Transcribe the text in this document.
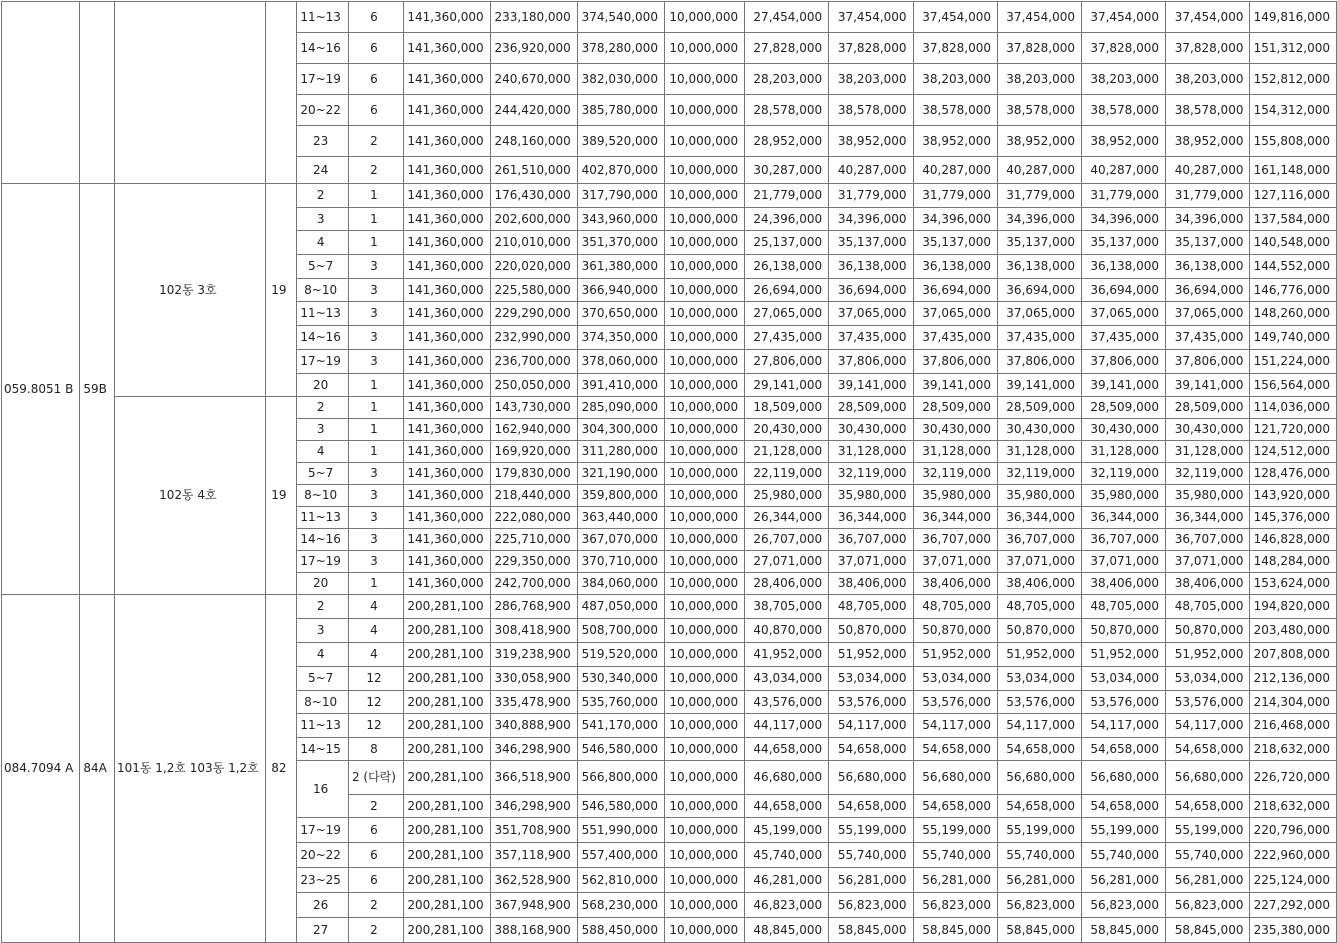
				11~13	6	141,360,000	233,180,000	374,540,000	10,000,000	27,454,000	37,454,000	37,454,000	37,454,000	37,454,000	37,454,000	149,816,000
				14~16	6	141,360,000	236,920,000	378,280,000	10,000,000	27,828,000	37,828,000	37,828,000	37,828,000	37,828,000	37,828,000	151,312,000
				17~19	6	141,360,000	240,670,000	382,030,000	10,000,000	28,203,000	38,203,000	38,203,000	38,203,000	38,203,000	38,203,000	152,812,000
				20~22	6	141,360,000	244,420,000	385,780,000	10,000,000	28,578,000	38,578,000	38,578,000	38,578,000	38,578,000	38,578,000	154,312,000
				23	2	141,360,000	248,160,000	389,520,000	10,000,000	28,952,000	38,952,000	38,952,000	38,952,000	38,952,000	38,952,000	155,808,000
				24	2	141,360,000	261,510,000	402,870,000	10,000,000	30,287,000	40,287,000	40,287,000	40,287,000	40,287,000	40,287,000	161,148,000
059.8051 B	59B	102동 3호	19	2	1	141,360,000	176,430,000	317,790,000	10,000,000	21,779,000	31,779,000	31,779,000	31,779,000	31,779,000	31,779,000	127,116,000
				3	1	141,360,000	202,600,000	343,960,000	10,000,000	24,396,000	34,396,000	34,396,000	34,396,000	34,396,000	34,396,000	137,584,000
				4	1	141,360,000	210,010,000	351,370,000	10,000,000	25,137,000	35,137,000	35,137,000	35,137,000	35,137,000	35,137,000	140,548,000
				5~7	3	141,360,000	220,020,000	361,380,000	10,000,000	26,138,000	36,138,000	36,138,000	36,138,000	36,138,000	36,138,000	144,552,000
				8~10	3	141,360,000	225,580,000	366,940,000	10,000,000	26,694,000	36,694,000	36,694,000	36,694,000	36,694,000	36,694,000	146,776,000
				11~13	3	141,360,000	229,290,000	370,650,000	10,000,000	27,065,000	37,065,000	37,065,000	37,065,000	37,065,000	37,065,000	148,260,000
				14~16	3	141,360,000	232,990,000	374,350,000	10,000,000	27,435,000	37,435,000	37,435,000	37,435,000	37,435,000	37,435,000	149,740,000
				17~19	3	141,360,000	236,700,000	378,060,000	10,000,000	27,806,000	37,806,000	37,806,000	37,806,000	37,806,000	37,806,000	151,224,000
				20	1	141,360,000	250,050,000	391,410,000	10,000,000	29,141,000	39,141,000	39,141,000	39,141,000	39,141,000	39,141,000	156,564,000
		102동 4호	19	2	1	141,360,000	143,730,000	285,090,000	10,000,000	18,509,000	28,509,000	28,509,000	28,509,000	28,509,000	28,509,000	114,036,000
				3	1	141,360,000	162,940,000	304,300,000	10,000,000	20,430,000	30,430,000	30,430,000	30,430,000	30,430,000	30,430,000	121,720,000
				4	1	141,360,000	169,920,000	311,280,000	10,000,000	21,128,000	31,128,000	31,128,000	31,128,000	31,128,000	31,128,000	124,512,000
				5~7	3	141,360,000	179,830,000	321,190,000	10,000,000	22,119,000	32,119,000	32,119,000	32,119,000	32,119,000	32,119,000	128,476,000
				8~10	3	141,360,000	218,440,000	359,800,000	10,000,000	25,980,000	35,980,000	35,980,000	35,980,000	35,980,000	35,980,000	143,920,000
				11~13	3	141,360,000	222,080,000	363,440,000	10,000,000	26,344,000	36,344,000	36,344,000	36,344,000	36,344,000	36,344,000	145,376,000
				14~16	3	141,360,000	225,710,000	367,070,000	10,000,000	26,707,000	36,707,000	36,707,000	36,707,000	36,707,000	36,707,000	146,828,000
				17~19	3	141,360,000	229,350,000	370,710,000	10,000,000	27,071,000	37,071,000	37,071,000	37,071,000	37,071,000	37,071,000	148,284,000
				20	1	141,360,000	242,700,000	384,060,000	10,000,000	28,406,000	38,406,000	38,406,000	38,406,000	38,406,000	38,406,000	153,624,000
084.7094 A	84A	101동 1,2호 103동 1,2호	82	2	4	200,281,100	286,768,900	487,050,000	10,000,000	38,705,000	48,705,000	48,705,000	48,705,000	48,705,000	48,705,000	194,820,000
				3	4	200,281,100	308,418,900	508,700,000	10,000,000	40,870,000	50,870,000	50,870,000	50,870,000	50,870,000	50,870,000	203,480,000
				4	4	200,281,100	319,238,900	519,520,000	10,000,000	41,952,000	51,952,000	51,952,000	51,952,000	51,952,000	51,952,000	207,808,000
				5~7	12	200,281,100	330,058,900	530,340,000	10,000,000	43,034,000	53,034,000	53,034,000	53,034,000	53,034,000	53,034,000	212,136,000
				8~10	12	200,281,100	335,478,900	535,760,000	10,000,000	43,576,000	53,576,000	53,576,000	53,576,000	53,576,000	53,576,000	214,304,000
				11~13	12	200,281,100	340,888,900	541,170,000	10,000,000	44,117,000	54,117,000	54,117,000	54,117,000	54,117,000	54,117,000	216,468,000
				14~15	8	200,281,100	346,298,900	546,580,000	10,000,000	44,658,000	54,658,000	54,658,000	54,658,000	54,658,000	54,658,000	218,632,000
				16	2 (다락)	200,281,100	366,518,900	566,800,000	10,000,000	46,680,000	56,680,000	56,680,000	56,680,000	56,680,000	56,680,000	226,720,000
					2	200,281,100	346,298,900	546,580,000	10,000,000	44,658,000	54,658,000	54,658,000	54,658,000	54,658,000	54,658,000	218,632,000
				17~19	6	200,281,100	351,708,900	551,990,000	10,000,000	45,199,000	55,199,000	55,199,000	55,199,000	55,199,000	55,199,000	220,796,000
				20~22	6	200,281,100	357,118,900	557,400,000	10,000,000	45,740,000	55,740,000	55,740,000	55,740,000	55,740,000	55,740,000	222,960,000
				23~25	6	200,281,100	362,528,900	562,810,000	10,000,000	46,281,000	56,281,000	56,281,000	56,281,000	56,281,000	56,281,000	225,124,000
				26	2	200,281,100	367,948,900	568,230,000	10,000,000	46,823,000	56,823,000	56,823,000	56,823,000	56,823,000	56,823,000	227,292,000
				27	2	200,281,100	388,168,900	588,450,000	10,000,000	48,845,000	58,845,000	58,845,000	58,845,000	58,845,000	58,845,000	235,380,000
